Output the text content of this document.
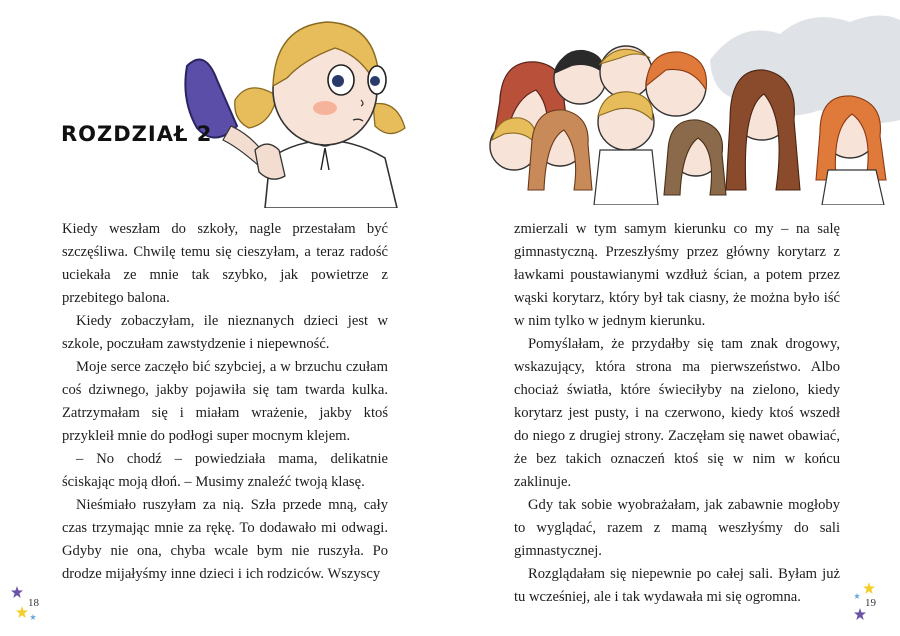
ROZDZIAŁ 2

Kiedy weszłam do szkoły, nagle przestałam być szczęśliwa. Chwilę temu się cieszyłam, a teraz radość uciekała ze mnie tak szybko, jak powietrze z przebitego balona.

Kiedy zobaczyłam, ile nieznanych dzieci jest w szkole, poczułam zawstydzenie i niepewność.

Moje serce zaczęło bić szybciej, a w brzuchu czułam coś dziwnego, jakby pojawiła się tam twarda kulka. Zatrzymałam się i miałam wrażenie, jakby ktoś przykleił mnie do podłogi super mocnym klejem.

– No chodź – powiedziała mama, delikatnie ściskając moją dłoń. – Musimy znaleźć twoją klasę.

Nieśmiało ruszyłam za nią. Szła przede mną, cały czas trzymając mnie za rękę. To dodawało mi odwagi. Gdyby nie ona, chyba wcale bym nie ruszyła. Po drodze mijałyśmy inne dzieci i ich rodziców. Wszyscy

18

zmierzali w tym samym kierunku co my – na salę gimnastyczną. Przeszłyśmy przez główny korytarz z ławkami poustawianymi wzdłuż ścian, a potem przez wąski korytarz, który był tak ciasny, że można było iść w nim tylko w jednym kierunku.

Pomyślałam, że przydałby się tam znak drogowy, wskazujący, która strona ma pierwszeństwo. Albo chociaż światła, które świeciłyby na zielono, kiedy korytarz jest pusty, i na czerwono, kiedy ktoś wszedł do niego z drugiej strony. Zaczęłam się nawet obawiać, że bez takich oznaczeń ktoś się w nim w końcu zaklinuje.

Gdy tak sobie wyobrażałam, jak zabawnie mogłoby to wyglądać, razem z mamą weszłyśmy do sali gimnastycznej.

Rozglądałam się niepewnie po całej sali. Byłam już tu wcześniej, ale i tak wydawała mi się ogromna.	19
